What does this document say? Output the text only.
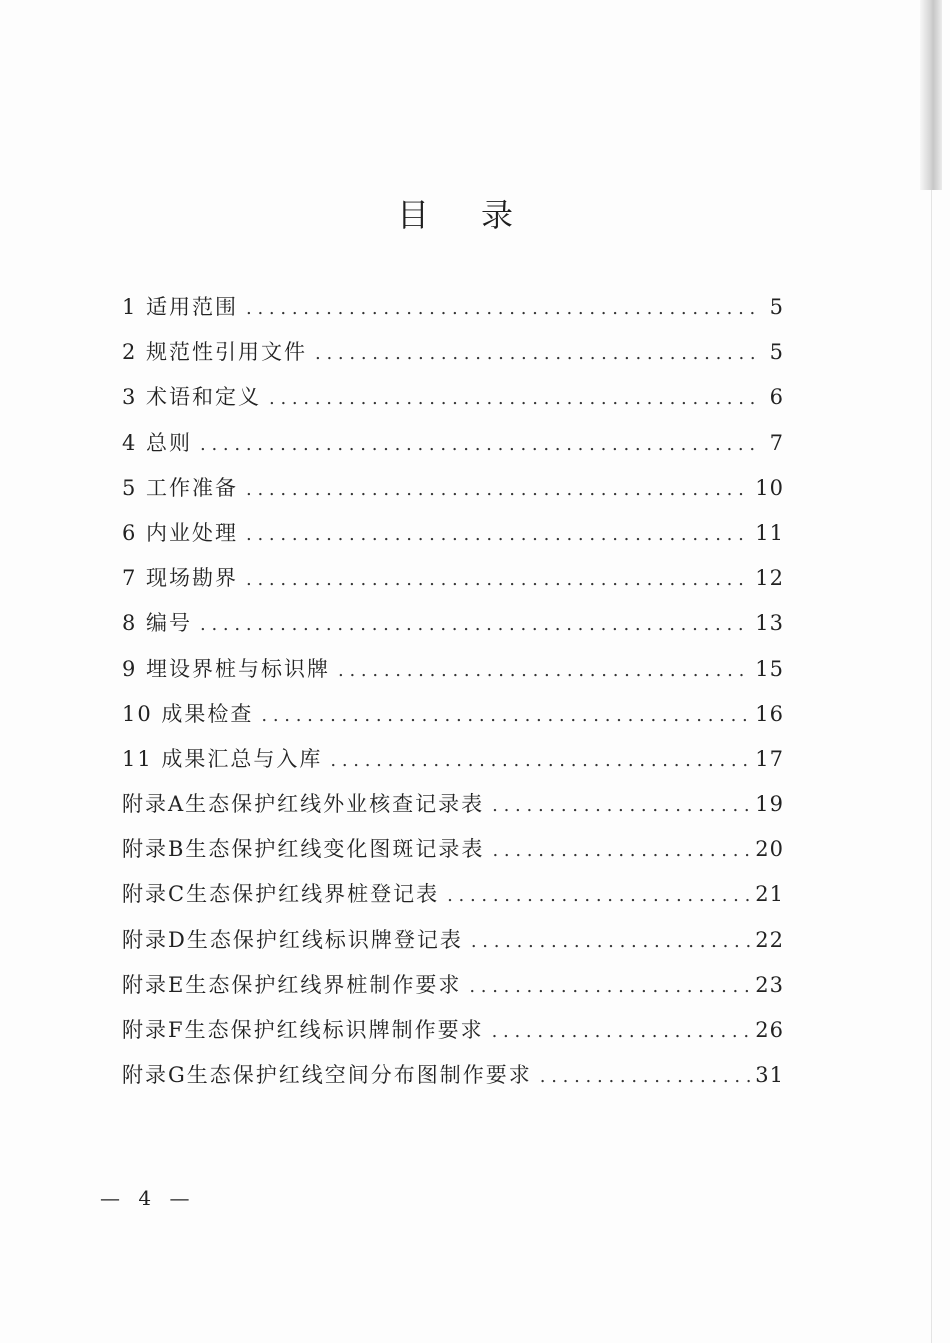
目录
1 适用范围 . . .	5
2 规范性引用文件 . . .	5
3 术语和定义 . . .	6
4 总则 . . .	7
5 工作准备 . . .	10
6 内业处理 . . .	11
7 现场勘界 . . .	12
8 编号 . . .	13
9 埋设界桩与标识牌 . . .	15
10 成果检查 . . .	16
11 成果汇总与入库 . . .	17
附录A生态保护红线外业核查记录表 . . .	19
附录B生态保护红线变化图斑记录表 . . .	20
附录C生态保护红线界桩登记表 . . .	21
附录D生态保护红线标识牌登记表 . . .	22
附录E生态保护红线界桩制作要求 . . .	23
附录F生态保护红线标识牌制作要求 . . .	26
附录G生态保护红线空间分布图制作要求 . . .	31
— 4 —
